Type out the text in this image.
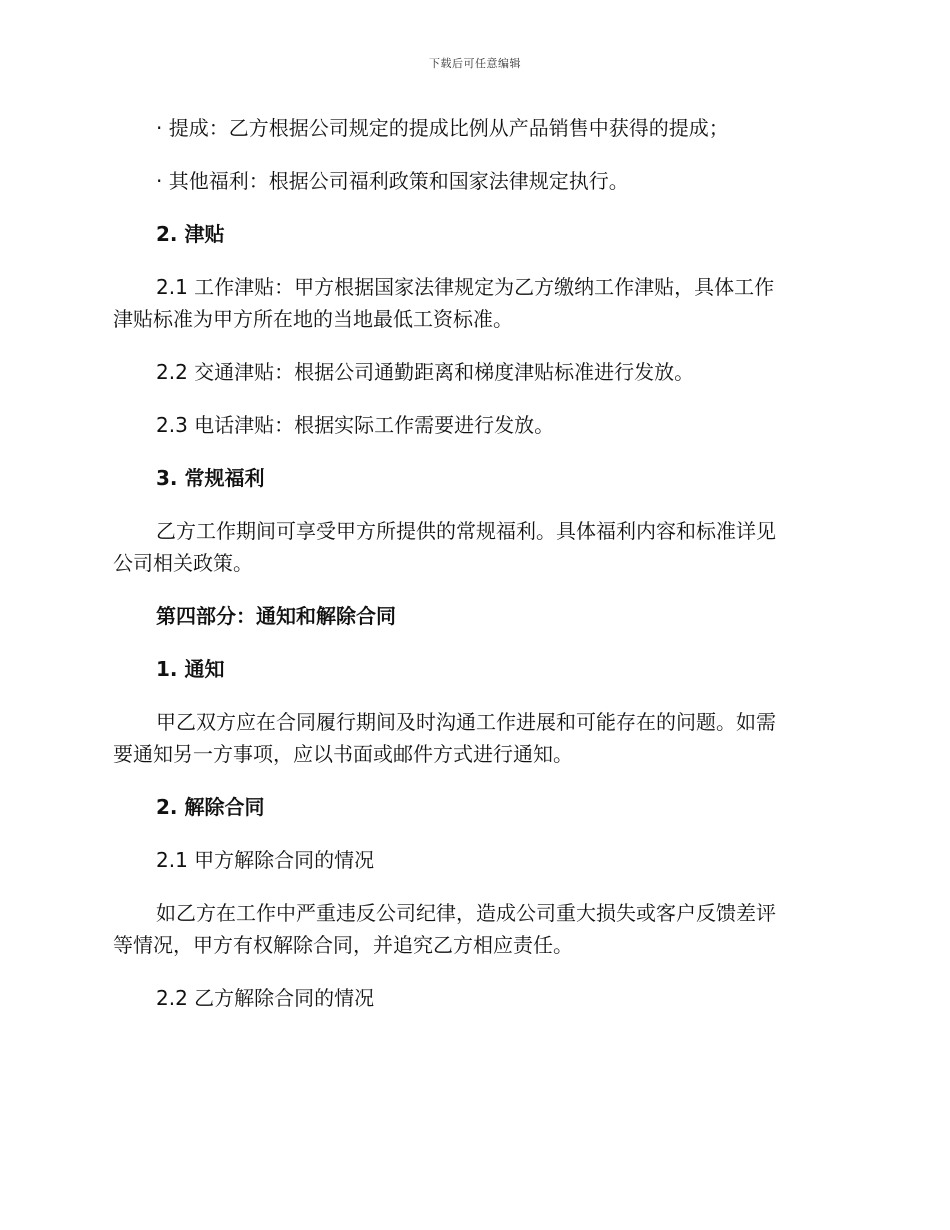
下载后可任意编辑
· 提成：乙方根据公司规定的提成比例从产品销售中获得的提成；
· 其他福利：根据公司福利政策和国家法律规定执行。
2. 津贴
2.1 工作津贴：甲方根据国家法律规定为乙方缴纳工作津贴，具体工作
津贴标准为甲方所在地的当地最低工资标准。
2.2 交通津贴：根据公司通勤距离和梯度津贴标准进行发放。
2.3 电话津贴：根据实际工作需要进行发放。
3. 常规福利
乙方工作期间可享受甲方所提供的常规福利。具体福利内容和标准详见
公司相关政策。
第四部分：通知和解除合同
1. 通知
甲乙双方应在合同履行期间及时沟通工作进展和可能存在的问题。如需
要通知另一方事项，应以书面或邮件方式进行通知。
2. 解除合同
2.1 甲方解除合同的情况
如乙方在工作中严重违反公司纪律，造成公司重大损失或客户反馈差评
等情况，甲方有权解除合同，并追究乙方相应责任。
2.2 乙方解除合同的情况
